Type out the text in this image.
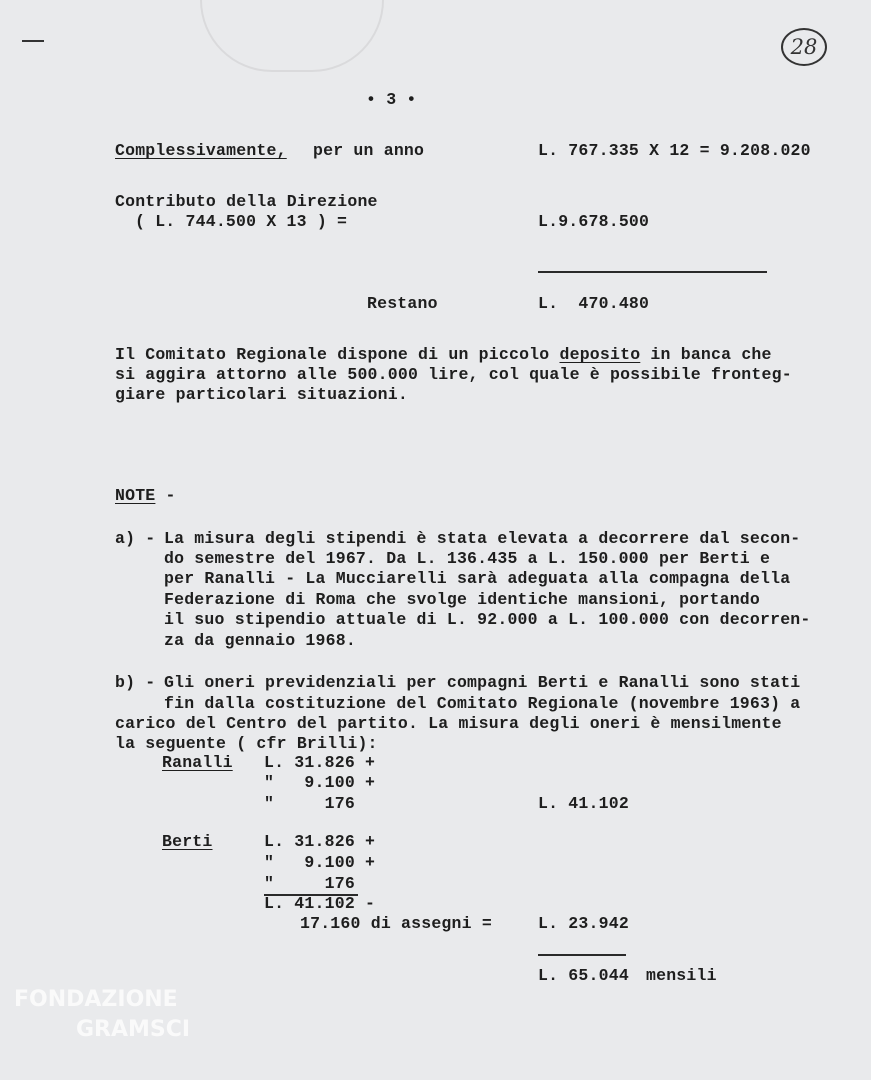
28
• 3 •
Complessivamente, per un anno	L. 767.335 X 12 = 9.208.020
Contributo della Direzione
( L. 744.500 X 13 ) =	L.9.678.500
Restano	L.  470.480
Il Comitato Regionale dispone di un piccolo deposito in banca che
si aggira attorno alle 500.000 lire, col quale è possibile fronteg-
giare particolari situazioni.
NOTE -
a) - La misura degli stipendi è stata elevata a decorrere dal secon-
do semestre del 1967. Da L. 136.435 a L. 150.000 per Berti e
per Ranalli - La Mucciarelli sarà adeguata alla compagna della
Federazione di Roma che svolge identiche mansioni, portando
il suo stipendio attuale di L. 92.000 a L. 100.000 con decorren-
za da gennaio 1968.
b) - Gli oneri previdenziali per compagni Berti e Ranalli sono stati
fin dalla costituzione del Comitato Regionale (novembre 1963) a
carico del Centro del partito. La misura degli oneri è mensilmente
la seguente ( cfr Brilli):
Ranalli L. 31.826 +
"   9.100 +
"     176	L. 41.102
Berti	L. 31.826 +
"   9.100 +
"     176
L. 41.102 -
17.160 di assegni =	L. 23.942
L. 65.044 mensili
FONDAZIONE
GRAMSCI
